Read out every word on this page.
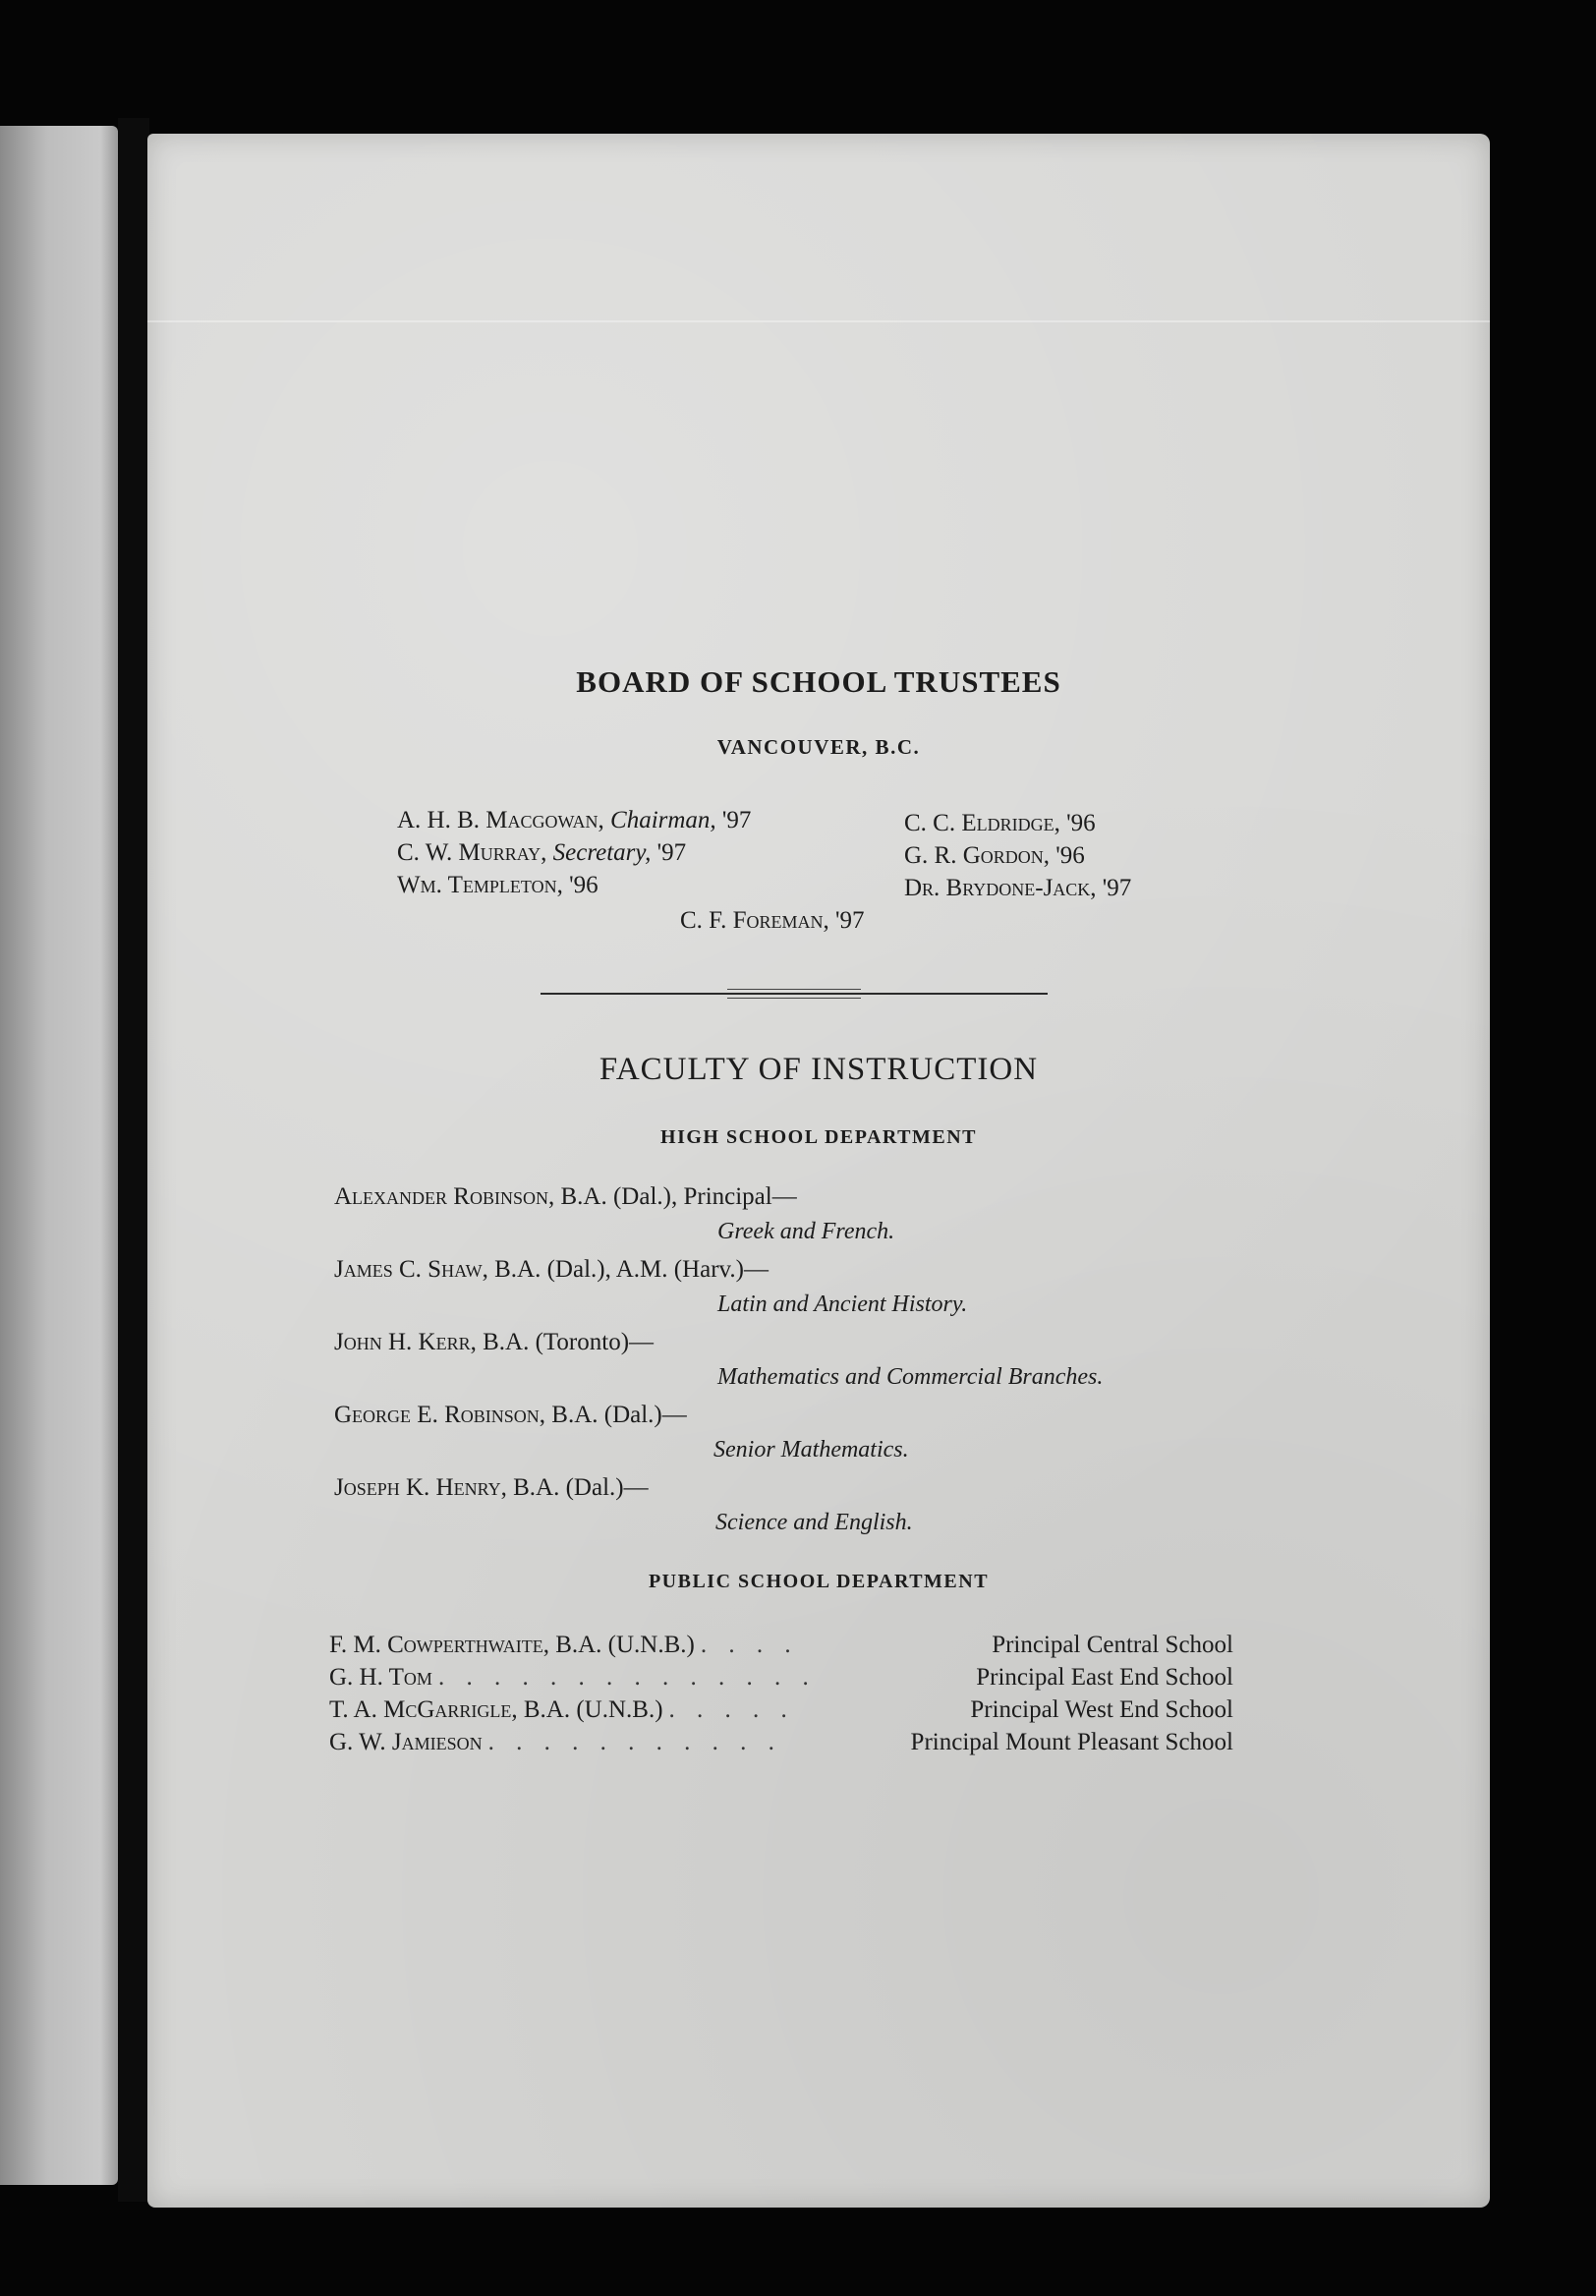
BOARD OF SCHOOL TRUSTEES
VANCOUVER, B.C.
A. H. B. Macgowan, Chairman, '97
C. W. Murray, Secretary, '97
Wm. Templeton, '96
C. C. Eldridge, '96
G. R. Gordon, '96
Dr. Brydone-Jack, '97
C. F. Foreman, '97
FACULTY OF INSTRUCTION
HIGH SCHOOL DEPARTMENT
Alexander Robinson, B.A. (Dal.), Principal—
Greek and French.
James C. Shaw, B.A. (Dal.), A.M. (Harv.)—
Latin and Ancient History.
John H. Kerr, B.A. (Toronto)—
Mathematics and Commercial Branches.
George E. Robinson, B.A. (Dal.)—
Senior Mathematics.
Joseph K. Henry, B.A. (Dal.)—
Science and English.
PUBLIC SCHOOL DEPARTMENT
F. M. Cowperthwaite, B.A. (U.N.B.) . . . .	Principal Central School
G. H. Tom . . . . . . . . . . . . . .	Principal East End School
T. A. McGarrigle, B.A. (U.N.B.) . . . . .	Principal West End School
G. W. Jamieson . . . . . . . . . . .	Principal Mount Pleasant School
